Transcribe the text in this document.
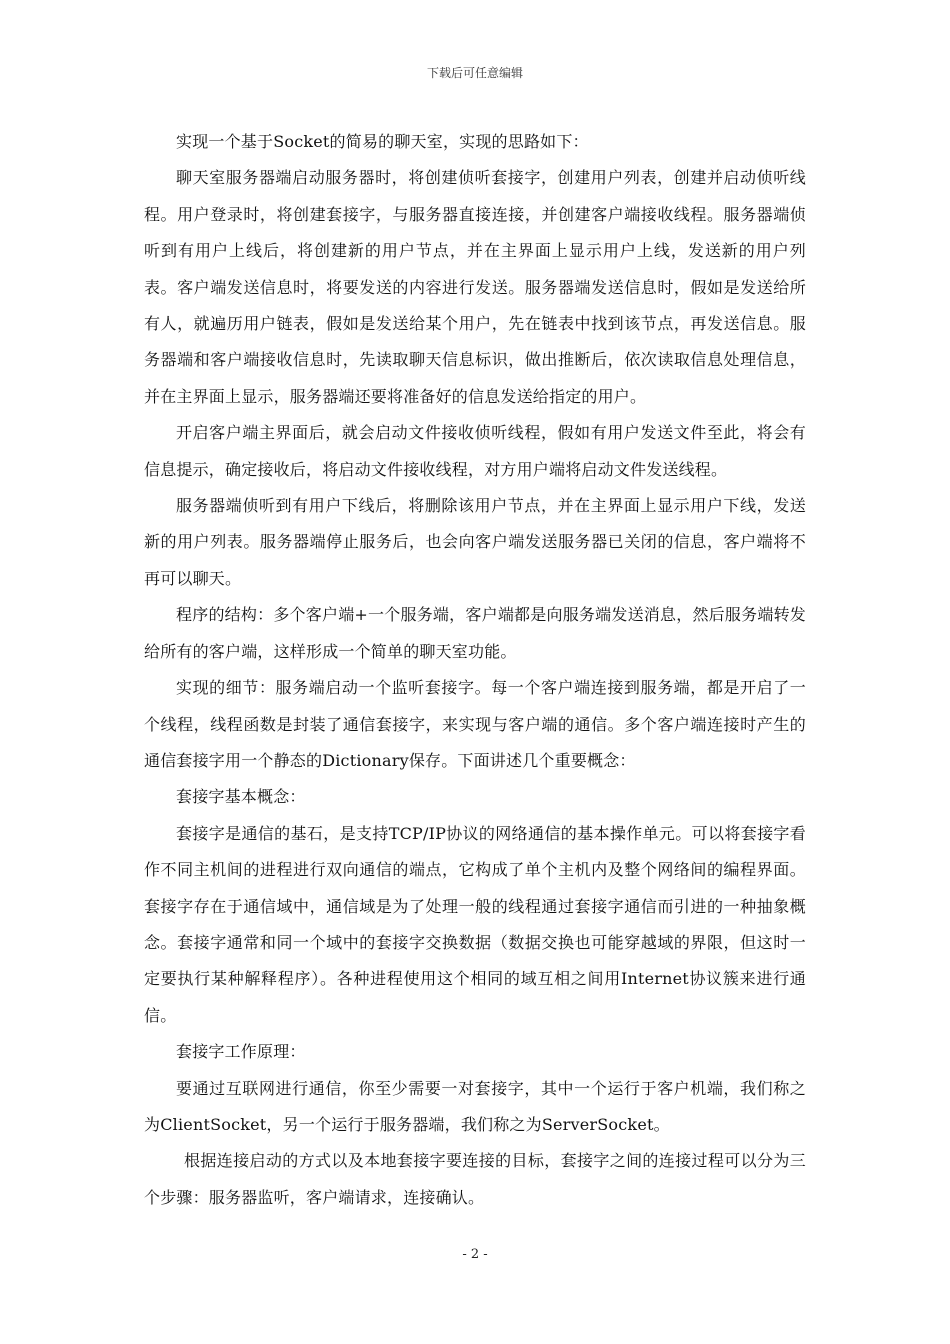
下载后可任意编辑

实现一个基于Socket的简易的聊天室，实现的思路如下：

聊天室服务器端启动服务器时，将创建侦听套接字，创建用户列表，创建并启动侦听线程。用户登录时，将创建套接字，与服务器直接连接，并创建客户端接收线程。服务器端侦听到有用户上线后，将创建新的用户节点，并在主界面上显示用户上线，发送新的用户列表。客户端发送信息时，将要发送的内容进行发送。服务器端发送信息时，假如是发送给所有人，就遍历用户链表，假如是发送给某个用户，先在链表中找到该节点，再发送信息。服务器端和客户端接收信息时，先读取聊天信息标识，做出推断后，依次读取信息处理信息，并在主界面上显示，服务器端还要将准备好的信息发送给指定的用户。

开启客户端主界面后，就会启动文件接收侦听线程，假如有用户发送文件至此，将会有信息提示，确定接收后，将启动文件接收线程，对方用户端将启动文件发送线程。

服务器端侦听到有用户下线后，将删除该用户节点，并在主界面上显示用户下线，发送新的用户列表。服务器端停止服务后，也会向客户端发送服务器已关闭的信息，客户端将不再可以聊天。

程序的结构：多个客户端+一个服务端，客户端都是向服务端发送消息，然后服务端转发给所有的客户端，这样形成一个简单的聊天室功能。

实现的细节：服务端启动一个监听套接字。每一个客户端连接到服务端，都是开启了一个线程，线程函数是封装了通信套接字，来实现与客户端的通信。多个客户端连接时产生的通信套接字用一个静态的Dictionary保存。下面讲述几个重要概念：

套接字基本概念：

套接字是通信的基石，是支持TCP/IP协议的网络通信的基本操作单元。可以将套接字看作不同主机间的进程进行双向通信的端点，它构成了单个主机内及整个网络间的编程界面。套接字存在于通信域中，通信域是为了处理一般的线程通过套接字通信而引进的一种抽象概念。套接字通常和同一个域中的套接字交换数据（数据交换也可能穿越域的界限，但这时一定要执行某种解释程序）。各种进程使用这个相同的域互相之间用Internet协议簇来进行通信。

套接字工作原理：

要通过互联网进行通信，你至少需要一对套接字，其中一个运行于客户机端，我们称之为ClientSocket，另一个运行于服务器端，我们称之为ServerSocket。

根据连接启动的方式以及本地套接字要连接的目标，套接字之间的连接过程可以分为三个步骤：服务器监听，客户端请求，连接确认。

- 2 -
